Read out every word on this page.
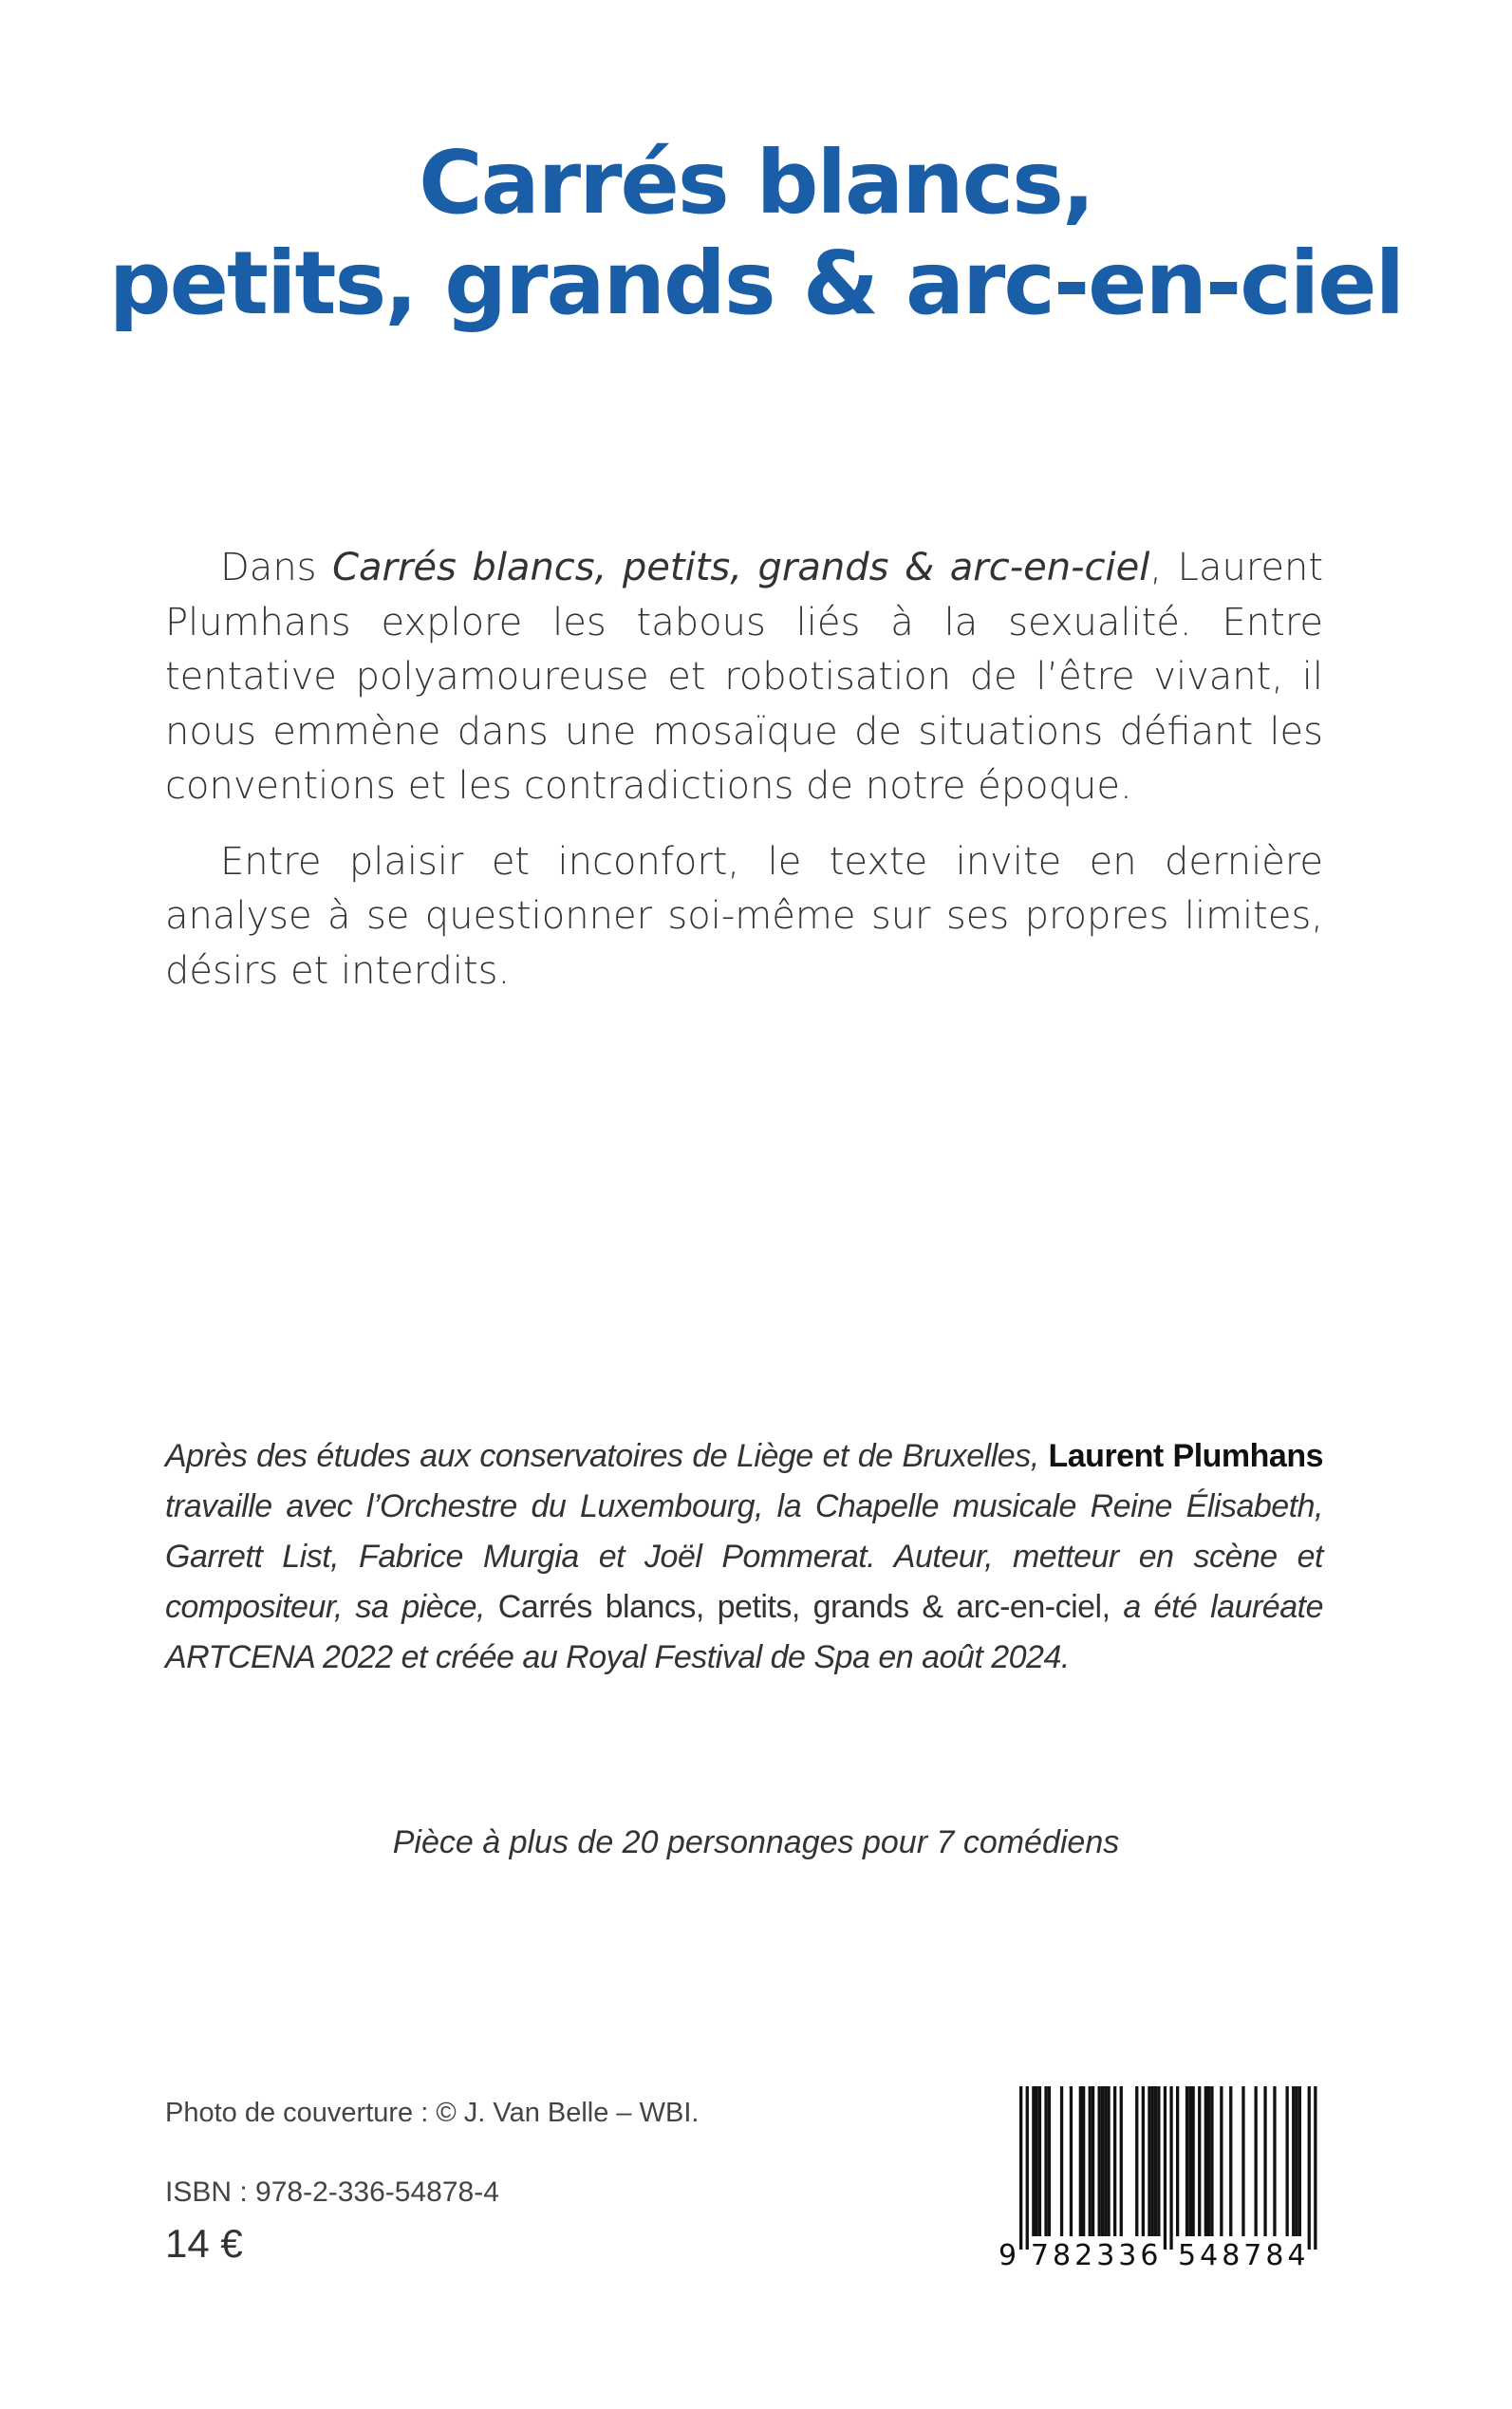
Carrés blancs,
petits, grands & arc-en-ciel

Dans Carrés blancs, petits, grands & arc-en-ciel, Laurent Plumhans explore les tabous liés à la sexualité. Entre tentative polyamoureuse et robotisation de l’être vivant, il nous emmène dans une mosaïque de situations défiant les conventions et les contradictions de notre époque.

Entre plaisir et inconfort, le texte invite en dernière analyse à se questionner soi-même sur ses propres limites, désirs et interdits.

Après des études aux conservatoires de Liège et de Bruxelles, Laurent Plumhans travaille avec l’Orchestre du Luxembourg, la Chapelle musicale Reine Élisabeth, Garrett List, Fabrice Murgia et Joël Pommerat. Auteur, metteur en scène et compositeur, sa pièce, Carrés blancs, petits, grands & arc-en-ciel, a été lauréate ARTCENA 2022 et créée au Royal Festival de Spa en août 2024.
Pièce à plus de 20 personnages pour 7 comédiens
Photo de couverture : © J. Van Belle – WBI.
ISBN : 978-2-336-54878-4
14 €	9 7 8 2 3 3 6 5 4 8 7 8 4
